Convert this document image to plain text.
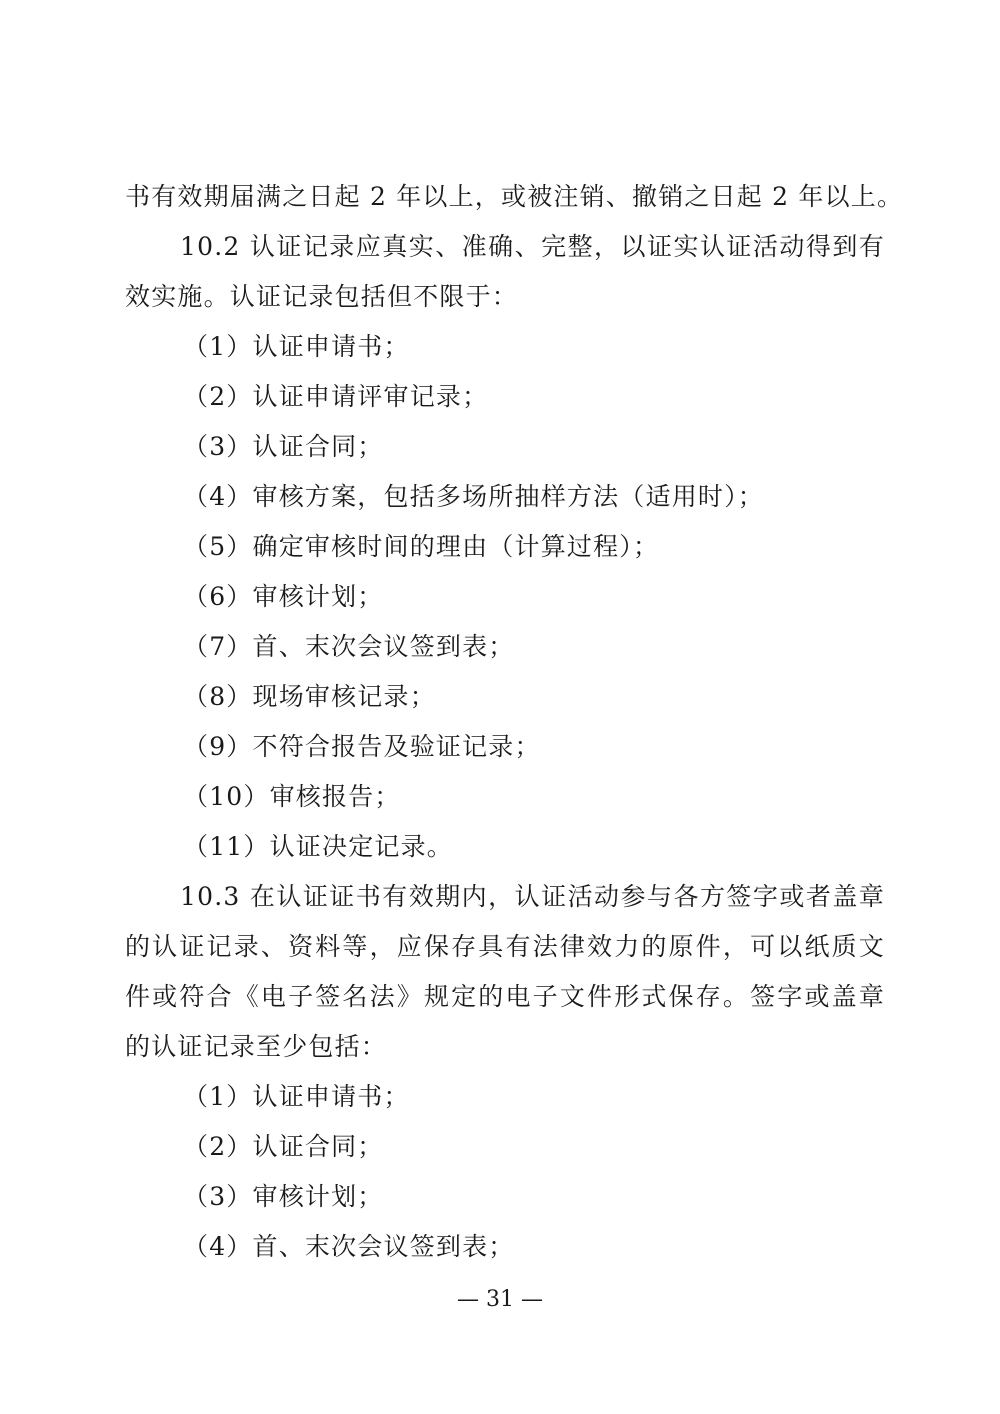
书有效期届满之日起 2 年以上，或被注销、撤销之日起 2 年以上。
10.2 认证记录应真实、准确、完整，以证实认证活动得到有
效实施。认证记录包括但不限于：
（1）认证申请书；
（2）认证申请评审记录；
（3）认证合同；
（4）审核方案，包括多场所抽样方法（适用时）；
（5）确定审核时间的理由（计算过程）；
（6）审核计划；
（7）首、末次会议签到表；
（8）现场审核记录；
（9）不符合报告及验证记录；
（10）审核报告；
（11）认证决定记录。
10.3 在认证证书有效期内，认证活动参与各方签字或者盖章
的认证记录、资料等，应保存具有法律效力的原件，可以纸质文
件或符合《电子签名法》规定的电子文件形式保存。签字或盖章
的认证记录至少包括：
（1）认证申请书；
（2）认证合同；
（3）审核计划；
（4）首、末次会议签到表；
— 31 —
